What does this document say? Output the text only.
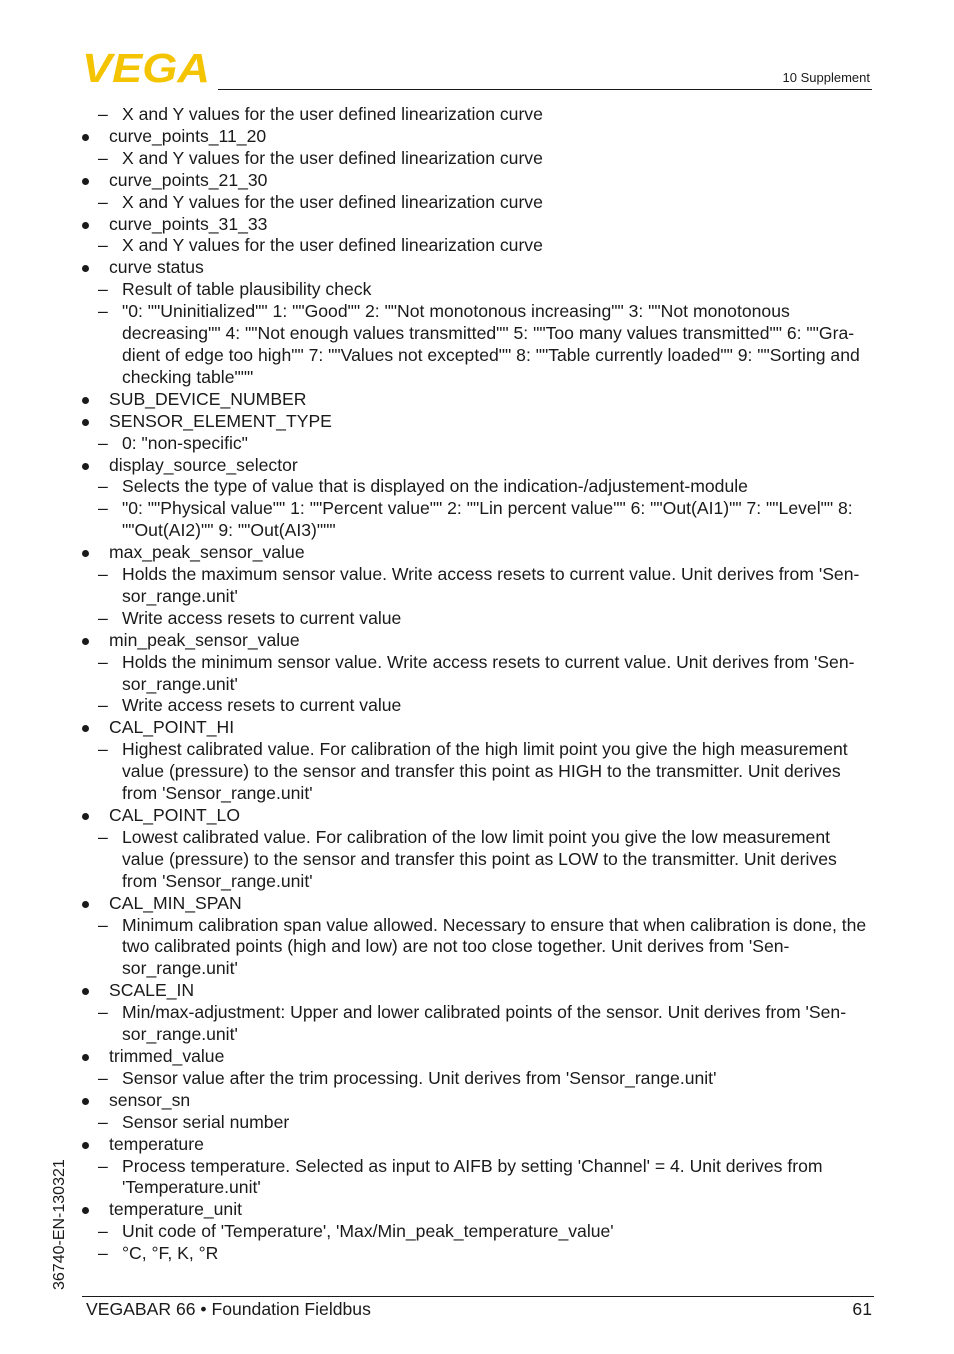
VEGA	10 Supplement
– X and Y values for the user defined linearization curve
curve_points_11_20
– X and Y values for the user defined linearization curve
curve_points_21_30
– X and Y values for the user defined linearization curve
curve_points_31_33
– X and Y values for the user defined linearization curve
curve status
– Result of table plausibility check
– "0: ""Uninitialized"" 1: ""Good"" 2: ""Not monotonous increasing"" 3: ""Not monotonous decreasing"" 4: ""Not enough values transmitted"" 5: ""Too many values transmitted"" 6: ""Gradient of edge too high"" 7: ""Values not excepted"" 8: ""Table currently loaded"" 9: ""Sorting and checking table"""
SUB_DEVICE_NUMBER
SENSOR_ELEMENT_TYPE
– 0: "non-specific"
display_source_selector
– Selects the type of value that is displayed on the indication-/adjustement-module
– "0: ""Physical value"" 1: ""Percent value"" 2: ""Lin percent value"" 6: ""Out(AI1)"" 7: ""Level"" 8: ""Out(AI2)"" 9: ""Out(AI3)"""
max_peak_sensor_value
– Holds the maximum sensor value. Write access resets to current value. Unit derives from 'Sensor_range.unit'
– Write access resets to current value
min_peak_sensor_value
– Holds the minimum sensor value. Write access resets to current value. Unit derives from 'Sensor_range.unit'
– Write access resets to current value
CAL_POINT_HI
– Highest calibrated value. For calibration of the high limit point you give the high measurement value (pressure) to the sensor and transfer this point as HIGH to the transmitter. Unit derives from 'Sensor_range.unit'
CAL_POINT_LO
– Lowest calibrated value. For calibration of the low limit point you give the low measurement value (pressure) to the sensor and transfer this point as LOW to the transmitter. Unit derives from 'Sensor_range.unit'
CAL_MIN_SPAN
– Minimum calibration span value allowed. Necessary to ensure that when calibration is done, the two calibrated points (high and low) are not too close together. Unit derives from 'Sensor_range.unit'
SCALE_IN
– Min/max-adjustment: Upper and lower calibrated points of the sensor. Unit derives from 'Sensor_range.unit'
trimmed_value
– Sensor value after the trim processing. Unit derives from 'Sensor_range.unit'
sensor_sn
– Sensor serial number
temperature
– Process temperature. Selected as input to AIFB by setting 'Channel' = 4. Unit derives from 'Temperature.unit'
temperature_unit
– Unit code of 'Temperature', 'Max/Min_peak_temperature_value'
– °C, °F, K, °R
36740-EN-130321
VEGABAR 66 • Foundation Fieldbus	61
